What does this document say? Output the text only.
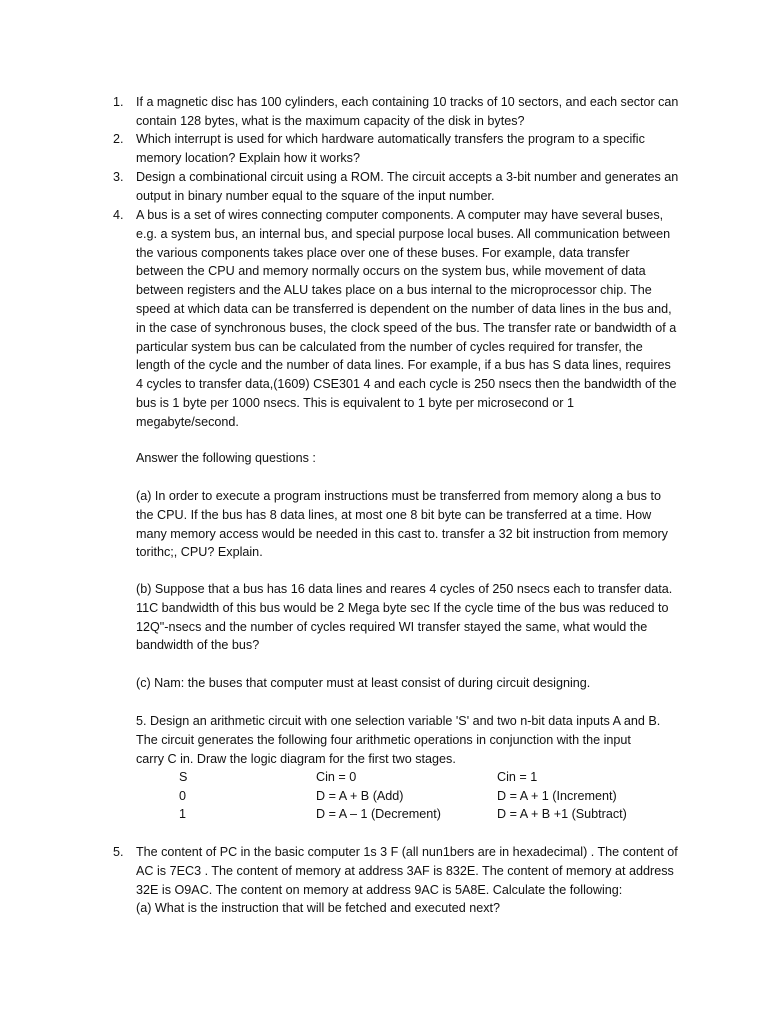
1. If a magnetic disc has 100 cylinders, each containing 10 tracks of 10 sectors, and each sector can
contain 128 bytes, what is the maximum capacity of the disk in bytes?
2. Which interrupt is used for which hardware automatically transfers the program to a specific
memory location? Explain how it works?
3. Design a combinational circuit using a ROM. The circuit accepts a 3-bit number and generates an
output in binary number equal to the square of the input number.
4. A bus is a set of wires connecting computer components. A computer may have several buses,
e.g. a system bus, an internal bus, and special purpose local buses. All communication between
the various components takes place over one of these buses. For example, data transfer
between the CPU and memory normally occurs on the system bus, while movement of data
between registers and the ALU takes place on a bus internal to the microprocessor chip. The
speed at which data can be transferred is dependent on the number of data lines in the bus and,
in the case of synchronous buses, the clock speed of the bus. The transfer rate or bandwidth of a
particular system bus can be calculated from the number of cycles required for transfer, the
length of the cycle and the number of data lines. For example, if a bus has S data lines, requires
4 cycles to transfer data,(1609) CSE301 4 and each cycle is 250 nsecs then the bandwidth of the
bus is 1 byte per 1000 nsecs. This is equivalent to 1 byte per microsecond or 1
megabyte/second.
Answer the following questions :
(a) In order to execute a program instructions must be transferred from memory along a bus to
the CPU. If the bus has 8 data lines, at most one 8 bit byte can be transferred at a time. How
many memory access would be needed in this cast to. transfer a 32 bit instruction from memory
torithc;, CPU? Explain.
(b) Suppose that a bus has 16 data lines and reares 4 cycles of 250 nsecs each to transfer data.
11C bandwidth of this bus would be 2 Mega byte sec If the cycle time of the bus was reduced to
12Q"-nsecs and the number of cycles required WI transfer stayed the same, what would the
bandwidth of the bus?
(c) Nam: the buses that computer must at least consist of during circuit designing.
5. Design an arithmetic circuit with one selection variable 'S' and two n-bit data inputs A and B.
The circuit generates the following four arithmetic operations in conjunction with the input
carry C in. Draw the logic diagram for the first two stages.
S	Cin = 0	Cin = 1
0	D = A + B (Add)	D = A + 1 (Increment)
1	D = A – 1 (Decrement)	D = A + B +1 (Subtract)
5. The content of PC in the basic computer 1s 3 F (all nun1bers are in hexadecimal) . The content of
AC is 7EC3 . The content of memory at address 3AF is 832E. The content of memory at address
32E is O9AC. The content on memory at address 9AC is 5A8E. Calculate the following:
(a) What is the instruction that will be fetched and executed next?
